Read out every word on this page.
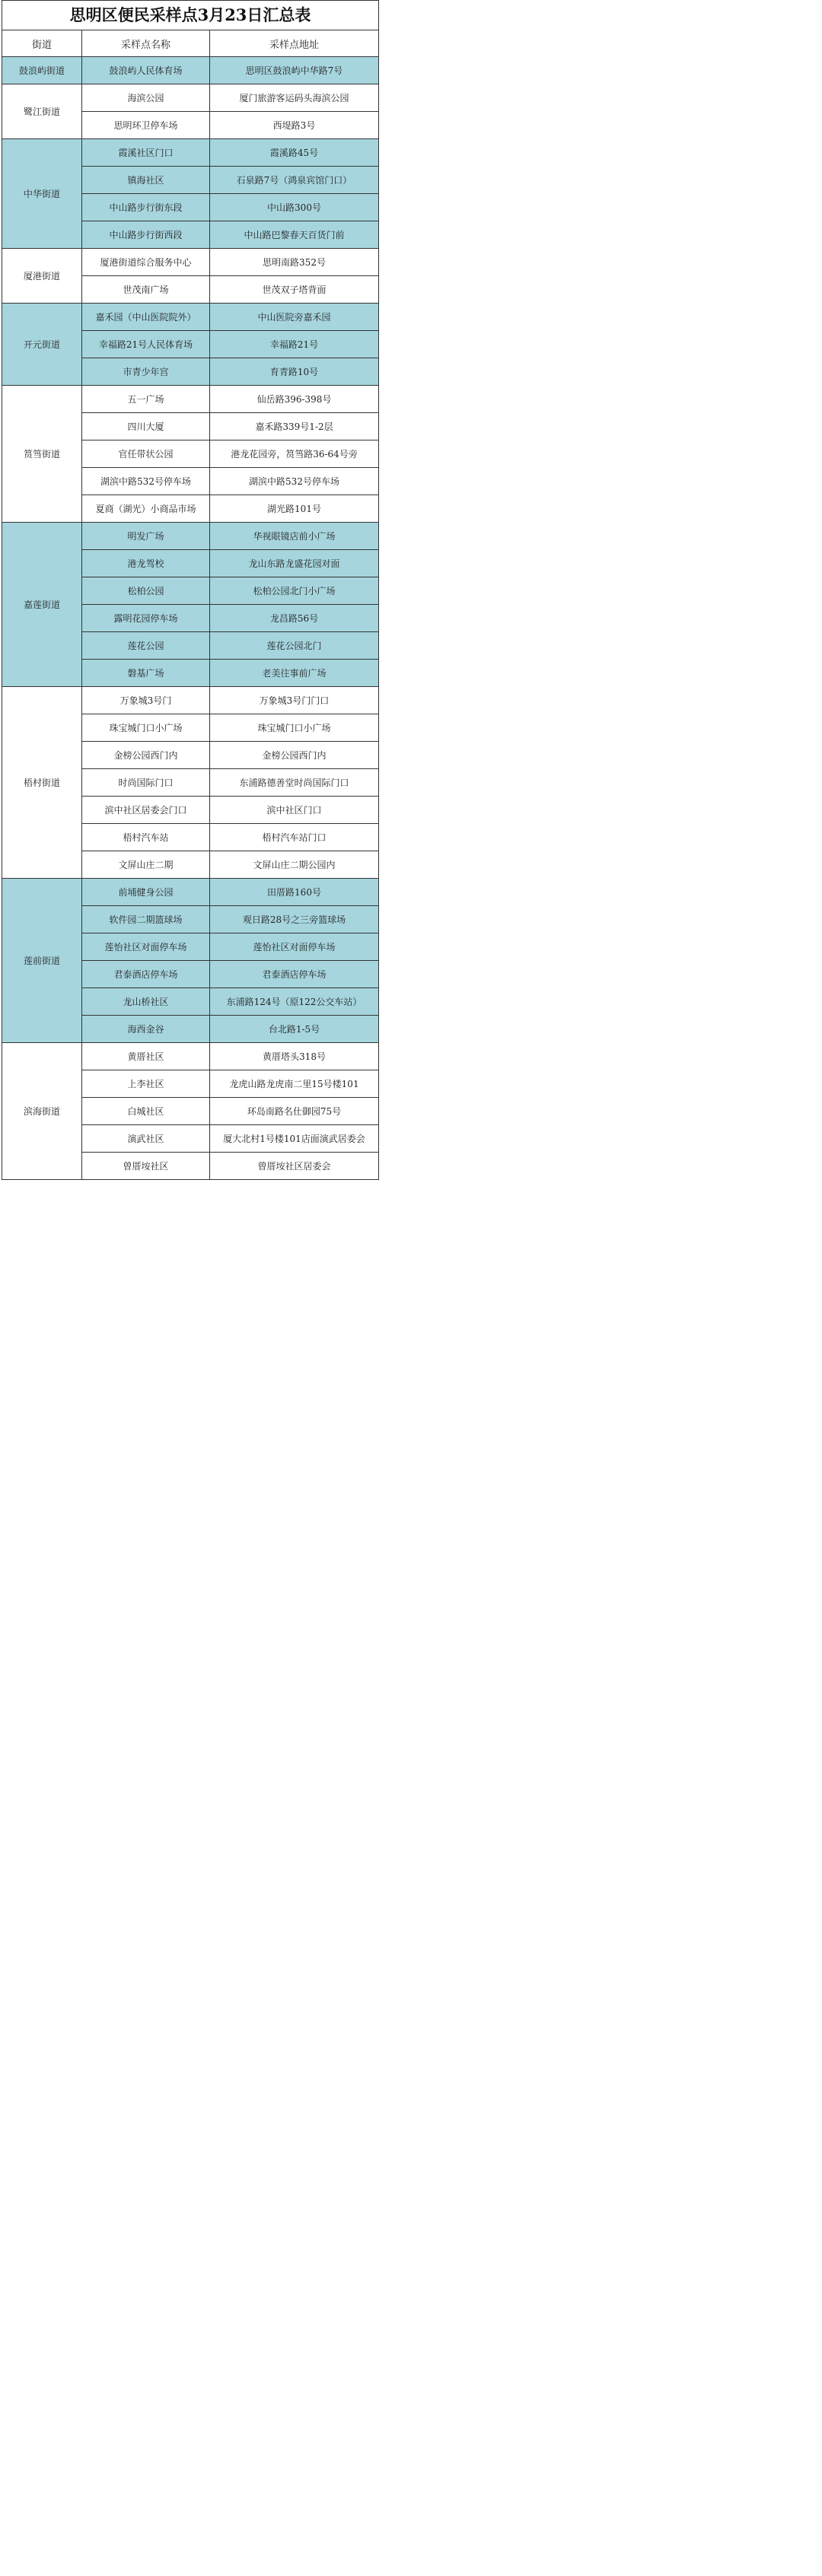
思明区便民采样点3月23日汇总表
街道	采样点名称	采样点地址
鼓浪屿街道	鼓浪屿人民体育场	思明区鼓浪屿中华路7号
鹭江街道	海滨公园	厦门旅游客运码头海滨公园
	思明环卫停车场	西堤路3号
中华街道	霞溪社区门口	霞溪路45号
	镇海社区	石泉路7号（鸿泉宾馆门口）
	中山路步行街东段	中山路300号
	中山路步行街西段	中山路巴黎春天百货门前
厦港街道	厦港街道综合服务中心	思明南路352号
	世茂南广场	世茂双子塔背面
开元街道	嘉禾园（中山医院院外）	中山医院旁嘉禾园
	幸福路21号人民体育场	幸福路21号
	市青少年宫	育青路10号
筼筜街道	五一广场	仙岳路396-398号
	四川大厦	嘉禾路339号1-2层
	官任带状公园	港龙花园旁，筼筜路36-64号旁
	湖滨中路532号停车场	湖滨中路532号停车场
	夏商（湖光）小商品市场	湖光路101号
嘉莲街道	明发广场	华视眼镜店前小广场
	港龙驾校	龙山东路龙盛花园对面
	松柏公园	松柏公园北门小广场
	露明花园停车场	龙昌路56号
	莲花公园	莲花公园北门
	磐基广场	老美往事前广场
梧村街道	万象城3号门	万象城3号门门口
	珠宝城门口小广场	珠宝城门口小广场
	金榜公园西门内	金榜公园西门内
	时尚国际门口	东浦路德善堂时尚国际门口
	滨中社区居委会门口	滨中社区门口
	梧村汽车站	梧村汽车站门口
	文屏山庄二期	文屏山庄二期公园内
莲前街道	前埔健身公园	田厝路160号
	软件园二期篮球场	观日路28号之三旁篮球场
	莲怡社区对面停车场	莲怡社区对面停车场
	君泰酒店停车场	君泰酒店停车场
	龙山桥社区	东浦路124号（原122公交车站）
	海西金谷	台北路1-5号
滨海街道	黄厝社区	黄厝塔头318号
	上李社区	龙虎山路龙虎南二里15号楼101
	白城社区	环岛南路名仕御园75号
	演武社区	厦大北村1号楼101店面演武居委会
	曾厝垵社区	曾厝垵社区居委会
